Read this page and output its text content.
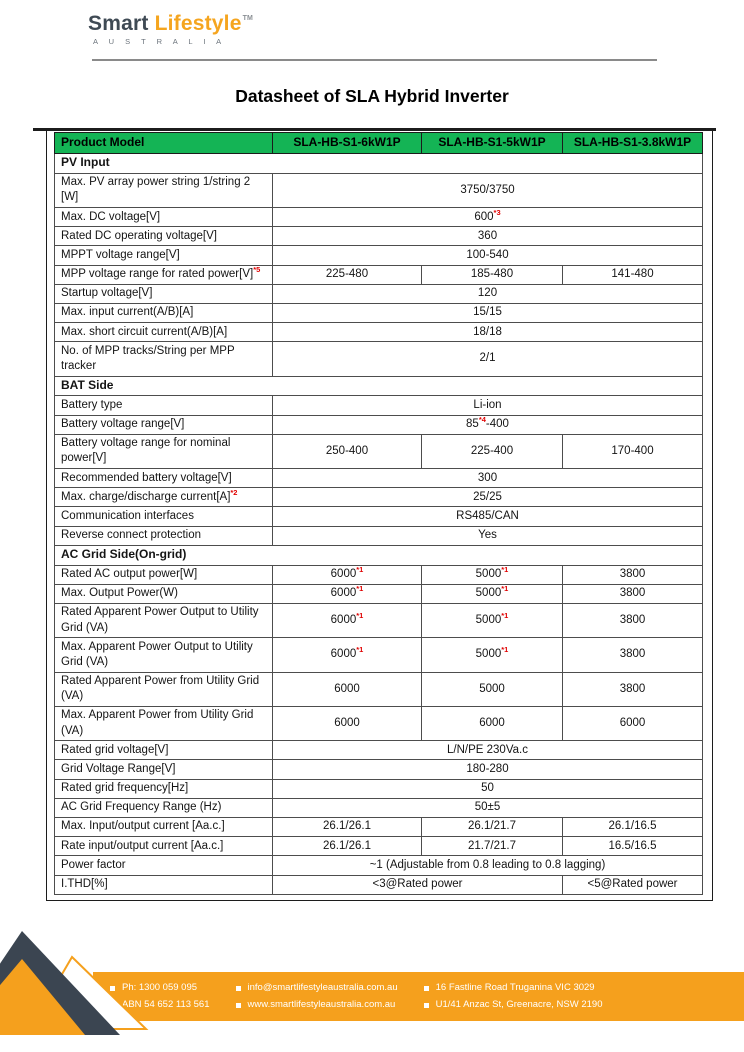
Smart Lifestyle™
A U S T R A L I A
Datasheet of SLA Hybrid Inverter
Product Model	SLA-HB-S1-6kW1P	SLA-HB-S1-5kW1P	SLA-HB-S1-3.8kW1P
PV Input			
Max. PV array power string 1/string 2 [W]	3750/3750		
Max. DC voltage[V]	600$^{*3}$
Rated DC operating voltage[V]	360		
MPPT voltage range[V]	100-540		
MPP voltage range for rated power[V]$^{*5}$	225-480	185-480	141-480
Startup voltage[V]	120		
Max. input current(A/B)[A]	15/15		
Max. short circuit current(A/B)[A]	18/18		
No. of MPP tracks/String per MPP tracker	2/1		
BAT Side			
Battery type	Li-ion		
Battery voltage range[V]	85$^{*4}$-400		
Battery voltage range for nominal power[V]	250-400	225-400	170-400
Recommended battery voltage[V]	300		
Max. charge/discharge current[A]$^{*2}$	25/25		
Communication interfaces	RS485/CAN		
Reverse connect protection	Yes		
AC Grid Side(On-grid)			
Rated AC output power[W]	6000$^{*1}$	5000$^{*1}$	3800
Max. Output Power(W)	6000$^{*1}$	5000$^{*1}$	3800
Rated Apparent Power Output to Utility Grid (VA)	6000$^{*1}$	5000$^{*1}$	3800
Max. Apparent Power Output to Utility Grid (VA)	6000$^{*1}$	5000$^{*1}$	3800
Rated Apparent Power from Utility Grid (VA)	6000	5000	3800
Max. Apparent Power from Utility Grid (VA)	6000	6000	6000
Rated grid voltage[V]	L/N/PE 230Va.c		
Grid Voltage Range[V]	180-280		
Rated grid frequency[Hz]	50		
AC Grid Frequency Range (Hz)	50±5		
Max. Input/output current [Aa.c.]	26.1/26.1	26.1/21.7	26.1/16.5
Rate input/output current [Aa.c.]	26.1/26.1	21.7/21.7	16.5/16.5
Power factor	~1 (Adjustable from 0.8 leading to 0.8 lagging)		
I.THD[%]	<3@Rated power		<5@Rated power
Ph: 1300 059 095
ABN 54 652 113 561
info@smartlifestyleaustralia.com.au
www.smartlifestyleaustralia.com.au
16 Fastline Road Truganina VIC 3029
U1/41 Anzac St, Greenacre, NSW 2190
